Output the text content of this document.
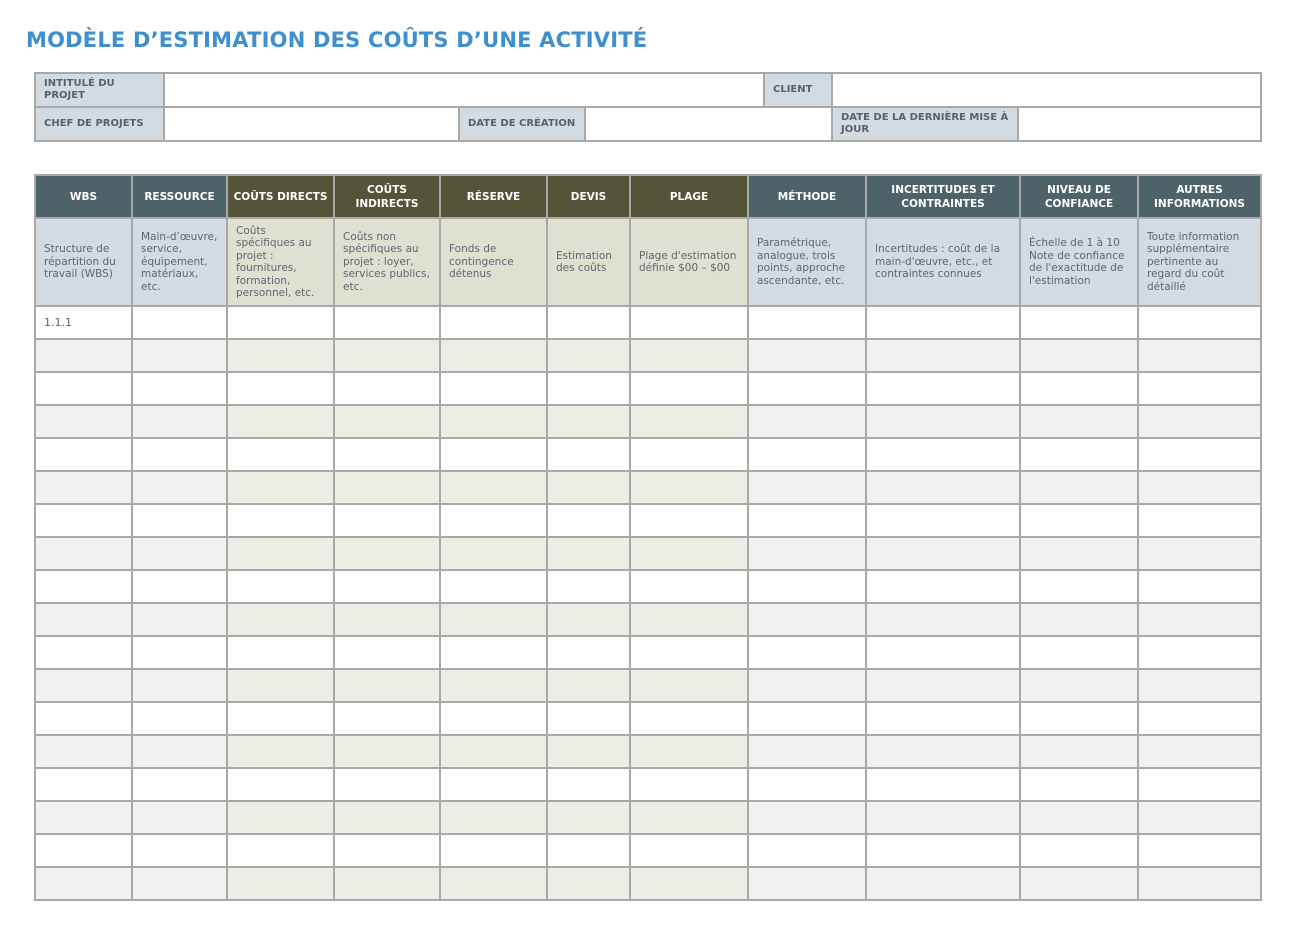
MODÈLE D’ESTIMATION DES COÛTS D’UNE ACTIVITÉ
INTITULÉ DU PROJET				CLIENT		
CHEF DE PROJETS		DATE DE CRÉATION			DATE DE LA DERNIÈRE MISE À JOUR	
WBS	RESSOURCE	COÛTS DIRECTS	COÛTS INDIRECTS	RÉSERVE	DEVIS	PLAGE	MÉTHODE	INCERTITUDES ET CONTRAINTES	NIVEAU DE CONFIANCE	AUTRES INFORMATIONS
Structure de répartition du travail (WBS)	Main-d’œuvre, service, équipement, matériaux, etc.	Coûts spécifiques au projet : fournitures, formation, personnel, etc.	Coûts non spécifiques au projet : loyer, services publics, etc.	Fonds de contingence détenus	Estimation des coûts	Plage d'estimation définie $00 – $00	Paramétrique, analogue, trois points, approche ascendante, etc.	Incertitudes : coût de la main-d'œuvre, etc., et contraintes connues	Échelle de 1 à 10 Note de confiance de l'exactitude de l'estimation	Toute information supplémentaire pertinente au regard du coût détaillé
1.1.1										
